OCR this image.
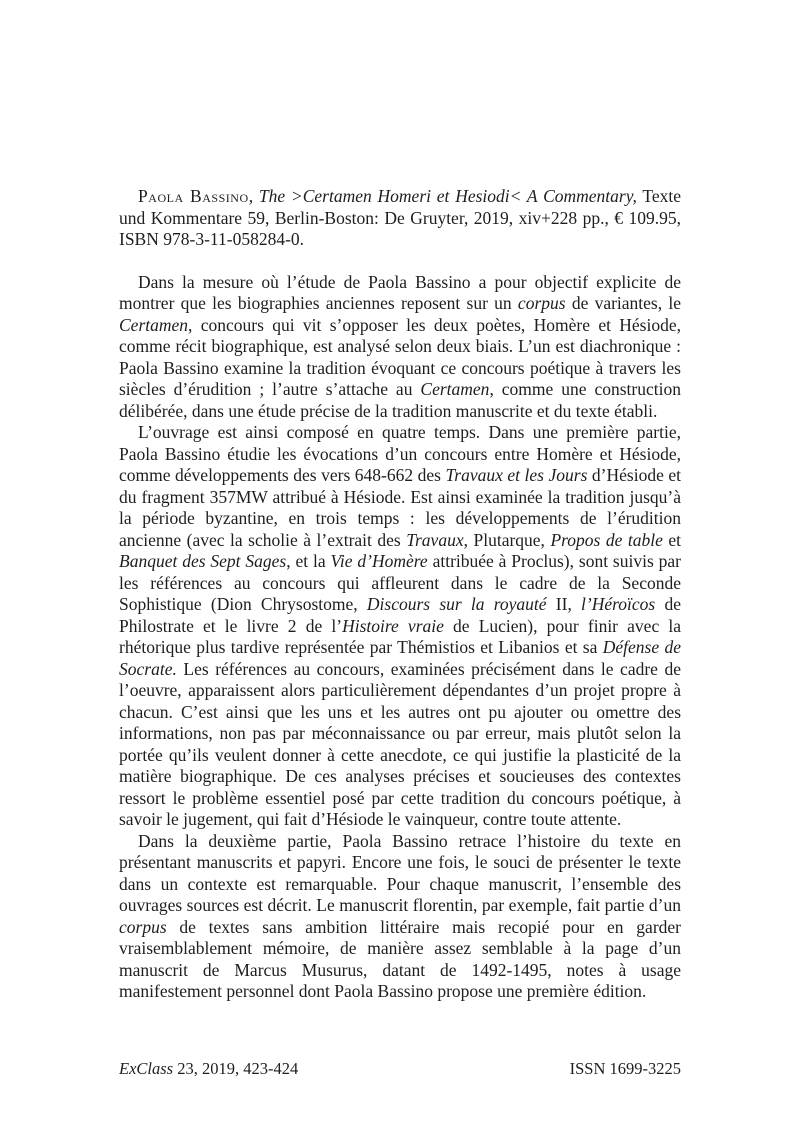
Paola Bassino, The >Certamen Homeri et Hesiodi< A Commentary, Texte und Kommentare 59, Berlin-Boston: De Gruyter, 2019, xiv+228 pp., € 109.95, ISBN 978-3-11-058284-0.

Dans la mesure où l’étude de Paola Bassino a pour objectif explicite de montrer que les biographies anciennes reposent sur un corpus de variantes, le Certamen, concours qui vit s’opposer les deux poètes, Homère et Hésiode, comme récit biographique, est analysé selon deux biais. L’un est diachronique : Paola Bassino examine la tradition évoquant ce concours poétique à travers les siècles d’érudition ; l’autre s’attache au Certamen, comme une construction délibérée, dans une étude précise de la tradition manuscrite et du texte établi.

L’ouvrage est ainsi composé en quatre temps. Dans une première partie, Paola Bassino étudie les évocations d’un concours entre Homère et Hésiode, comme développements des vers 648-662 des Travaux et les Jours d’Hésiode et du fragment 357MW attribué à Hésiode. Est ainsi examinée la tradition jusqu’à la période byzantine, en trois temps : les développements de l’érudition ancienne (avec la scholie à l’extrait des Travaux, Plutarque, Propos de table et Banquet des Sept Sages, et la Vie d’Homère attribuée à Proclus), sont suivis par les références au concours qui affleurent dans le cadre de la Seconde Sophistique (Dion Chrysostome, Discours sur la royauté II, l’Héroïcos de Philostrate et le livre 2 de l’Histoire vraie de Lucien), pour finir avec la rhétorique plus tardive représentée par Thémistios et Libanios et sa Défense de Socrate. Les références au concours, examinées précisément dans le cadre de l’oeuvre, apparaissent alors particulièrement dépendantes d’un projet propre à chacun. C’est ainsi que les uns et les autres ont pu ajouter ou omettre des informations, non pas par méconnaissance ou par erreur, mais plutôt selon la portée qu’ils veulent donner à cette anecdote, ce qui justifie la plasticité de la matière biographique. De ces analyses précises et soucieuses des contextes ressort le problème essentiel posé par cette tradition du concours poétique, à savoir le jugement, qui fait d’Hésiode le vainqueur, contre toute attente.

Dans la deuxième partie, Paola Bassino retrace l’histoire du texte en présentant manuscrits et papyri. Encore une fois, le souci de présenter le texte dans un contexte est remarquable. Pour chaque manuscrit, l’ensemble des ouvrages sources est décrit. Le manuscrit florentin, par exemple, fait partie d’un corpus de textes sans ambition littéraire mais recopié pour en garder vraisemblablement mémoire, de manière assez semblable à la page d’un manuscrit de Marcus Musurus, datant de 1492-1495, notes à usage manifestement personnel dont Paola Bassino propose une première édition.

ExClass 23, 2019, 423-424	ISSN 1699-3225
